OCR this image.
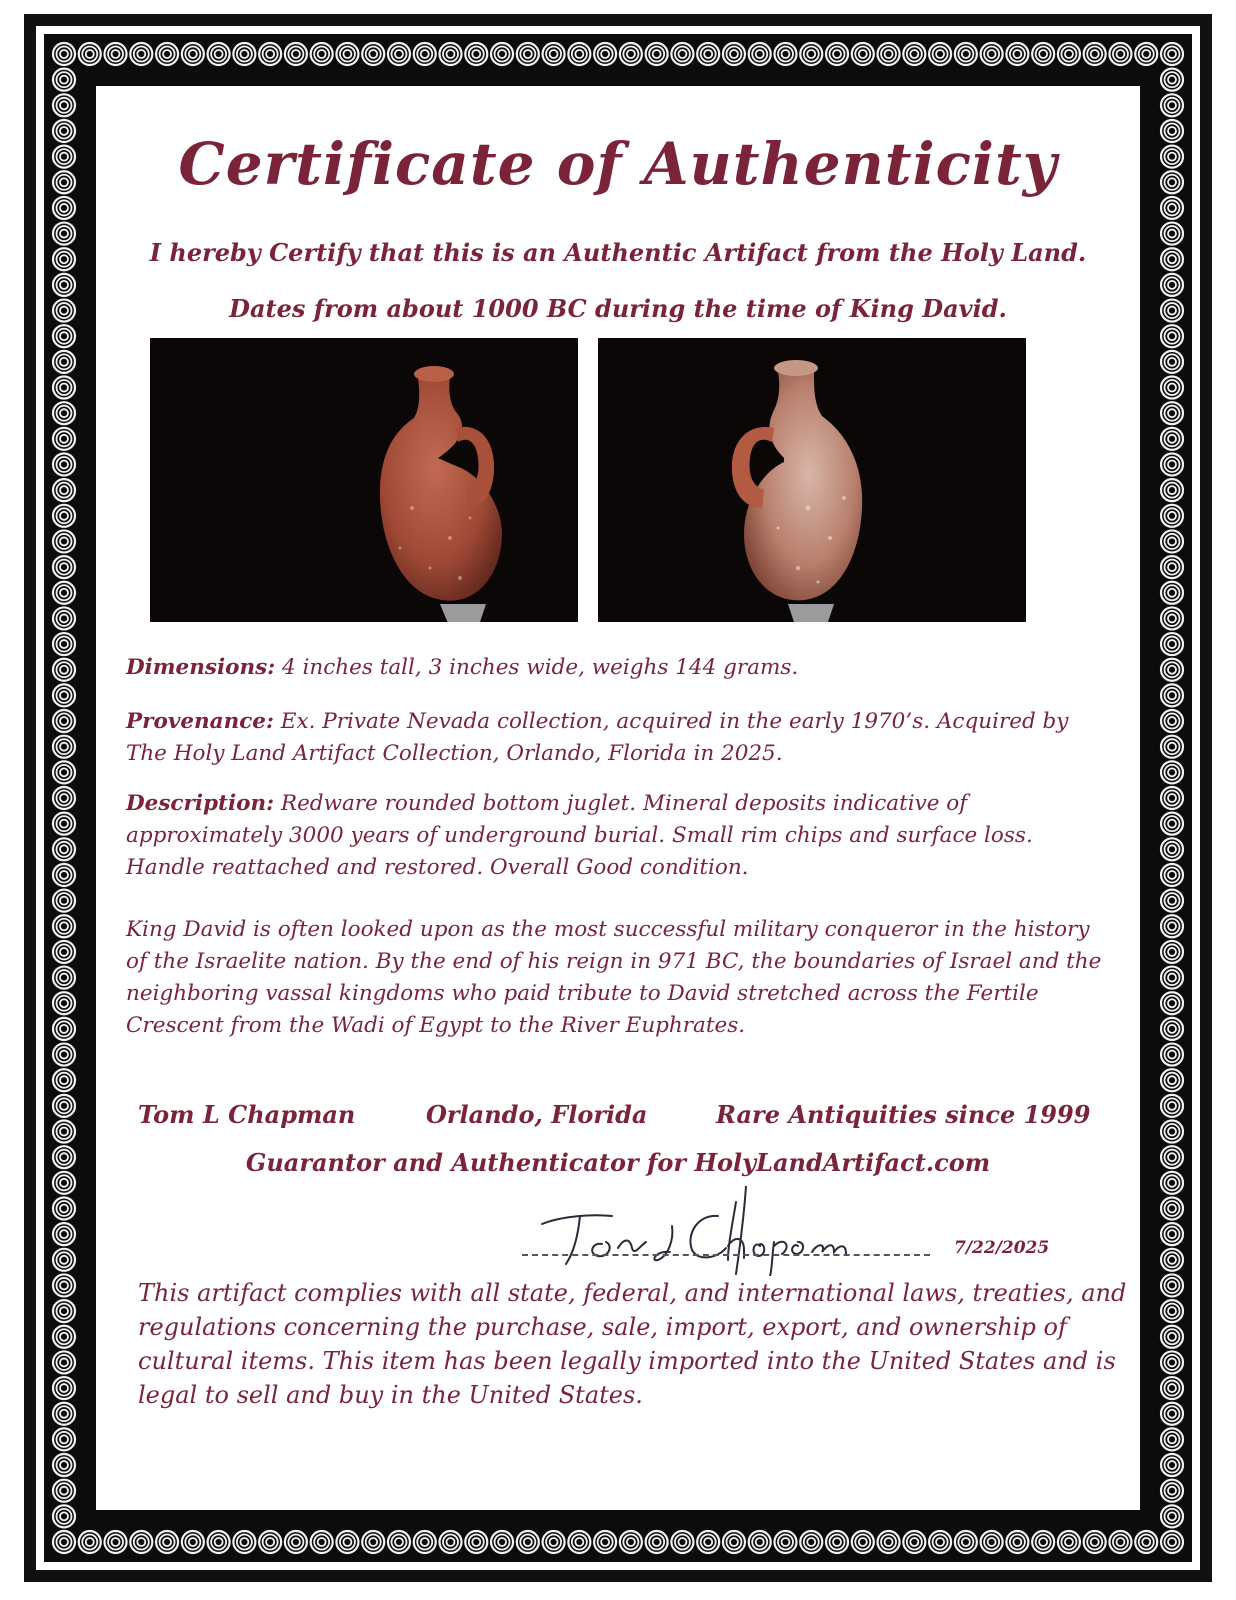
Certificate of Authenticity
I hereby Certify that this is an Authentic Artifact from the Holy Land.
Dates from about 1000 BC during the time of King David.
Dimensions: 4 inches tall, 3 inches wide, weighs 144 grams.
Provenance: Ex. Private Nevada collection, acquired in the early 1970’s. Acquired by The Holy Land Artifact Collection, Orlando, Florida in 2025.
Description: Redware rounded bottom juglet. Mineral deposits indicative of approximately 3000 years of underground burial. Small rim chips and surface loss. Handle reattached and restored. Overall Good condition.
King David is often looked upon as the most successful military conqueror in the history of the Israelite nation. By the end of his reign in 971 BC, the boundaries of Israel and the neighboring vassal kingdoms who paid tribute to David stretched across the Fertile Crescent from the Wadi of Egypt to the River Euphrates.
Tom L Chapman	Orlando, Florida	Rare Antiquities since 1999
Guarantor and Authenticator for HolyLandArtifact.com
Tom L Chapman
7/22/2025
This artifact complies with all state, federal, and international laws, treaties, and regulations concerning the purchase, sale, import, export, and ownership of cultural items. This item has been legally imported into the United States and is legal to sell and buy in the United States.
